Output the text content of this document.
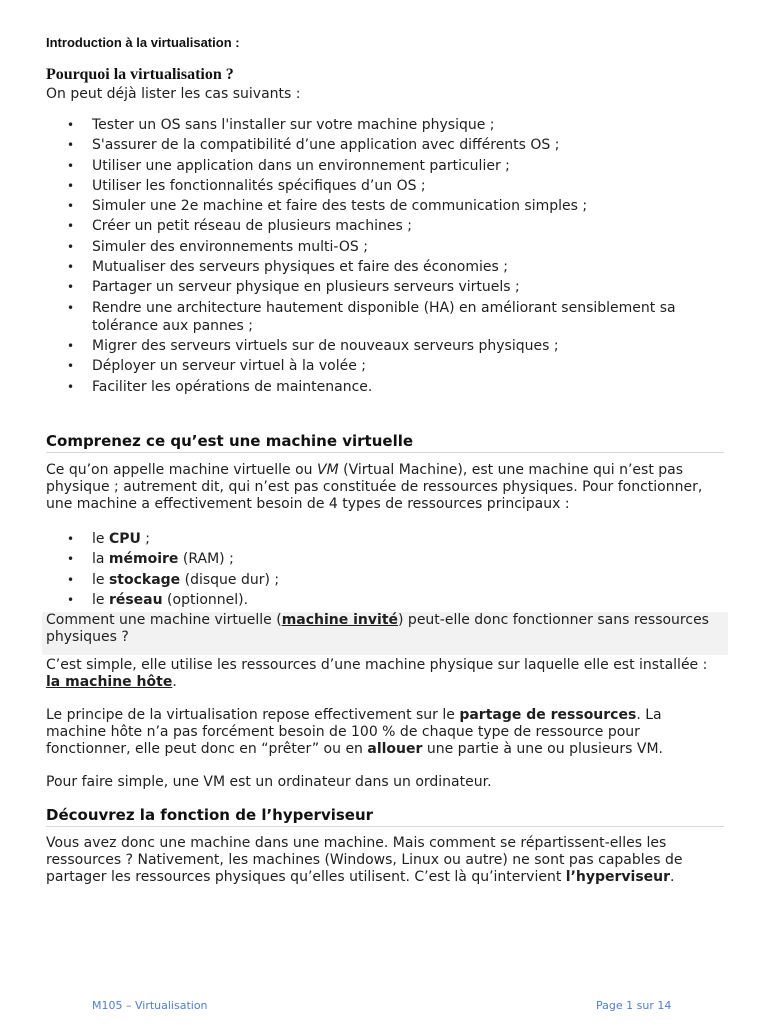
Introduction à la virtualisation :
Pourquoi la virtualisation ?
On peut déjà lister les cas suivants :
• Tester un OS sans l'installer sur votre machine physique ;
• S'assurer de la compatibilité d’une application avec différents OS ;
• Utiliser une application dans un environnement particulier ;
• Utiliser les fonctionnalités spécifiques d’un OS ;
• Simuler une 2e machine et faire des tests de communication simples ;
• Créer un petit réseau de plusieurs machines ;
• Simuler des environnements multi-OS ;
• Mutualiser des serveurs physiques et faire des économies ;
• Partager un serveur physique en plusieurs serveurs virtuels ;
• Rendre une architecture hautement disponible (HA) en améliorant sensiblement sa tolérance aux pannes ;
• Migrer des serveurs virtuels sur de nouveaux serveurs physiques ;
• Déployer un serveur virtuel à la volée ;
• Faciliter les opérations de maintenance.
Comprenez ce qu’est une machine virtuelle

Ce qu’on appelle machine virtuelle ou VM (Virtual Machine), est une machine qui n’est pas physique ; autrement dit, qui n’est pas constituée de ressources physiques. Pour fonctionner, une machine a effectivement besoin de 4 types de ressources principaux :

• le CPU ;
• la mémoire (RAM) ;
• le stockage (disque dur) ;
• le réseau (optionnel).

Comment une machine virtuelle (machine invité) peut-elle donc fonctionner sans ressources physiques ?

C’est simple, elle utilise les ressources d’une machine physique sur laquelle elle est installée : la machine hôte.

Le principe de la virtualisation repose effectivement sur le partage de ressources. La machine hôte n’a pas forcément besoin de 100 % de chaque type de ressource pour fonctionner, elle peut donc en “prêter” ou en allouer une partie à une ou plusieurs VM.

Pour faire simple, une VM est un ordinateur dans un ordinateur.

Découvrez la fonction de l’hyperviseur

Vous avez donc une machine dans une machine. Mais comment se répartissent-elles les ressources ? Nativement, les machines (Windows, Linux ou autre) ne sont pas capables de partager les ressources physiques qu’elles utilisent. C’est là qu’intervient l’hyperviseur.

M105 – Virtualisation	Page 1 sur 14
